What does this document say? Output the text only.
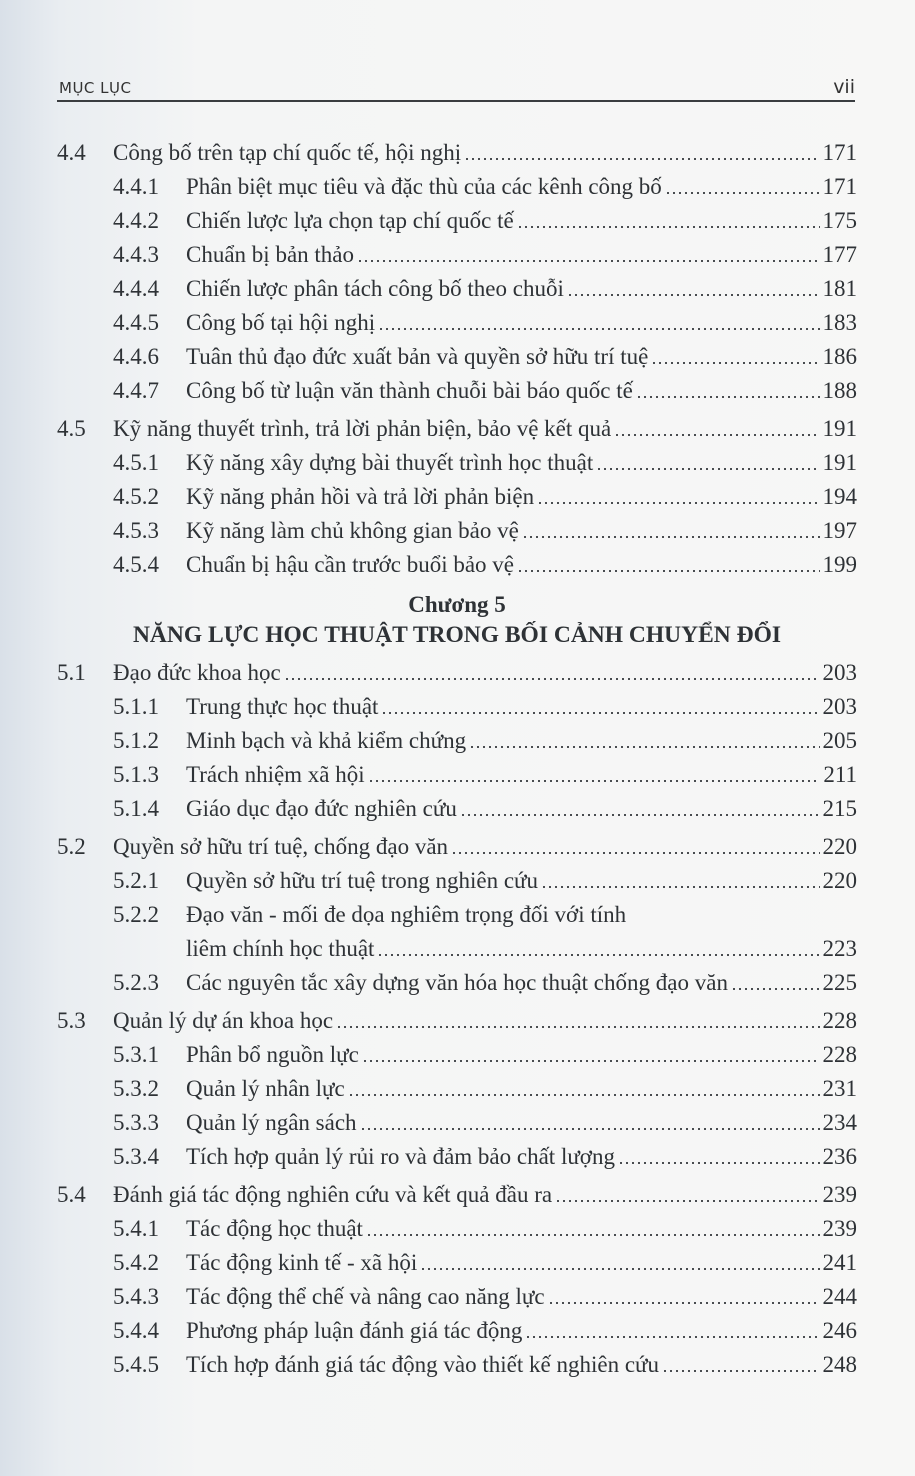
MỤC LỤC	vii
4.4	Công bố trên tạp chí quốc tế, hội nghị	171
4.4.1	Phân biệt mục tiêu và đặc thù của các kênh công bố	171
4.4.2	Chiến lược lựa chọn tạp chí quốc tế	175
4.4.3	Chuẩn bị bản thảo	177
4.4.4	Chiến lược phân tách công bố theo chuỗi	181
4.4.5	Công bố tại hội nghị	183
4.4.6	Tuân thủ đạo đức xuất bản và quyền sở hữu trí tuệ	186
4.4.7	Công bố từ luận văn thành chuỗi bài báo quốc tế	188
4.5	Kỹ năng thuyết trình, trả lời phản biện, bảo vệ kết quả	191
4.5.1	Kỹ năng xây dựng bài thuyết trình học thuật	191
4.5.2	Kỹ năng phản hồi và trả lời phản biện	194
4.5.3	Kỹ năng làm chủ không gian bảo vệ	197
4.5.4	Chuẩn bị hậu cần trước buổi bảo vệ	199
Chương 5
NĂNG LỰC HỌC THUẬT TRONG BỐI CẢNH CHUYỂN ĐỔI
5.1	Đạo đức khoa học	203
5.1.1	Trung thực học thuật	203
5.1.2	Minh bạch và khả kiểm chứng	205
5.1.3	Trách nhiệm xã hội	211
5.1.4	Giáo dục đạo đức nghiên cứu	215
5.2	Quyền sở hữu trí tuệ, chống đạo văn	220
5.2.1	Quyền sở hữu trí tuệ trong nghiên cứu	220
5.2.2	Đạo văn - mối đe dọa nghiêm trọng đối với tính
liêm chính học thuật	223
5.2.3	Các nguyên tắc xây dựng văn hóa học thuật chống đạo văn	225
5.3	Quản lý dự án khoa học	228
5.3.1	Phân bổ nguồn lực	228
5.3.2	Quản lý nhân lực	231
5.3.3	Quản lý ngân sách	234
5.3.4	Tích hợp quản lý rủi ro và đảm bảo chất lượng	236
5.4	Đánh giá tác động nghiên cứu và kết quả đầu ra	239
5.4.1	Tác động học thuật	239
5.4.2	Tác động kinh tế - xã hội	241
5.4.3	Tác động thể chế và nâng cao năng lực	244
5.4.4	Phương pháp luận đánh giá tác động	246
5.4.5	Tích hợp đánh giá tác động vào thiết kế nghiên cứu	248
